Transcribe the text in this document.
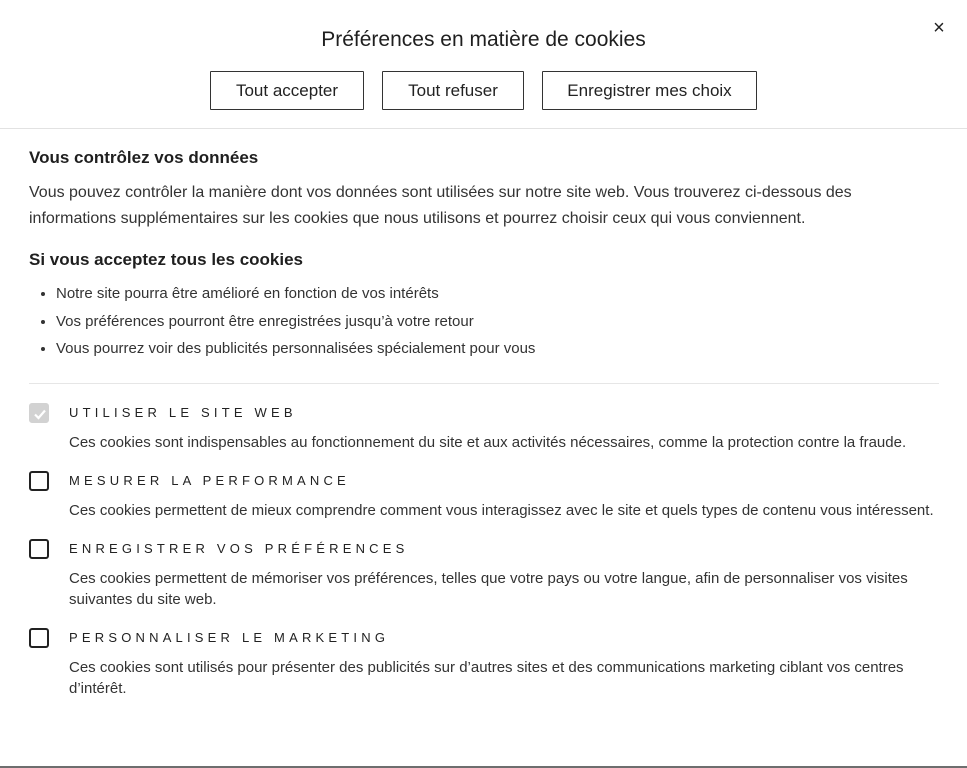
Préférences en matière de cookies	×
Tout accepter	Tout refuser	Enregistrer mes choix
Vous contrôlez vos données

Vous pouvez contrôler la manière dont vos données sont utilisées sur notre site web. Vous trouverez ci-dessous des informations supplémentaires sur les cookies que nous utilisons et pourrez choisir ceux qui vous conviennent.

Si vous acceptez tous les cookies
• Notre site pourra être amélioré en fonction de vos intérêts
• Vos préférences pourront être enregistrées jusqu’à votre retour
• Vous pourrez voir des publicités personnalisées spécialement pour vous
UTILISER LE SITE WEB
Ces cookies sont indispensables au fonctionnement du site et aux activités nécessaires, comme la protection contre la fraude.
MESURER LA PERFORMANCE
Ces cookies permettent de mieux comprendre comment vous interagissez avec le site et quels types de contenu vous intéressent.
ENREGISTRER VOS PRÉFÉRENCES
Ces cookies permettent de mémoriser vos préférences, telles que votre pays ou votre langue, afin de personnaliser vos visites suivantes du site web.
PERSONNALISER LE MARKETING
Ces cookies sont utilisés pour présenter des publicités sur d’autres sites et des communications marketing ciblant vos centres d’intérêt.
